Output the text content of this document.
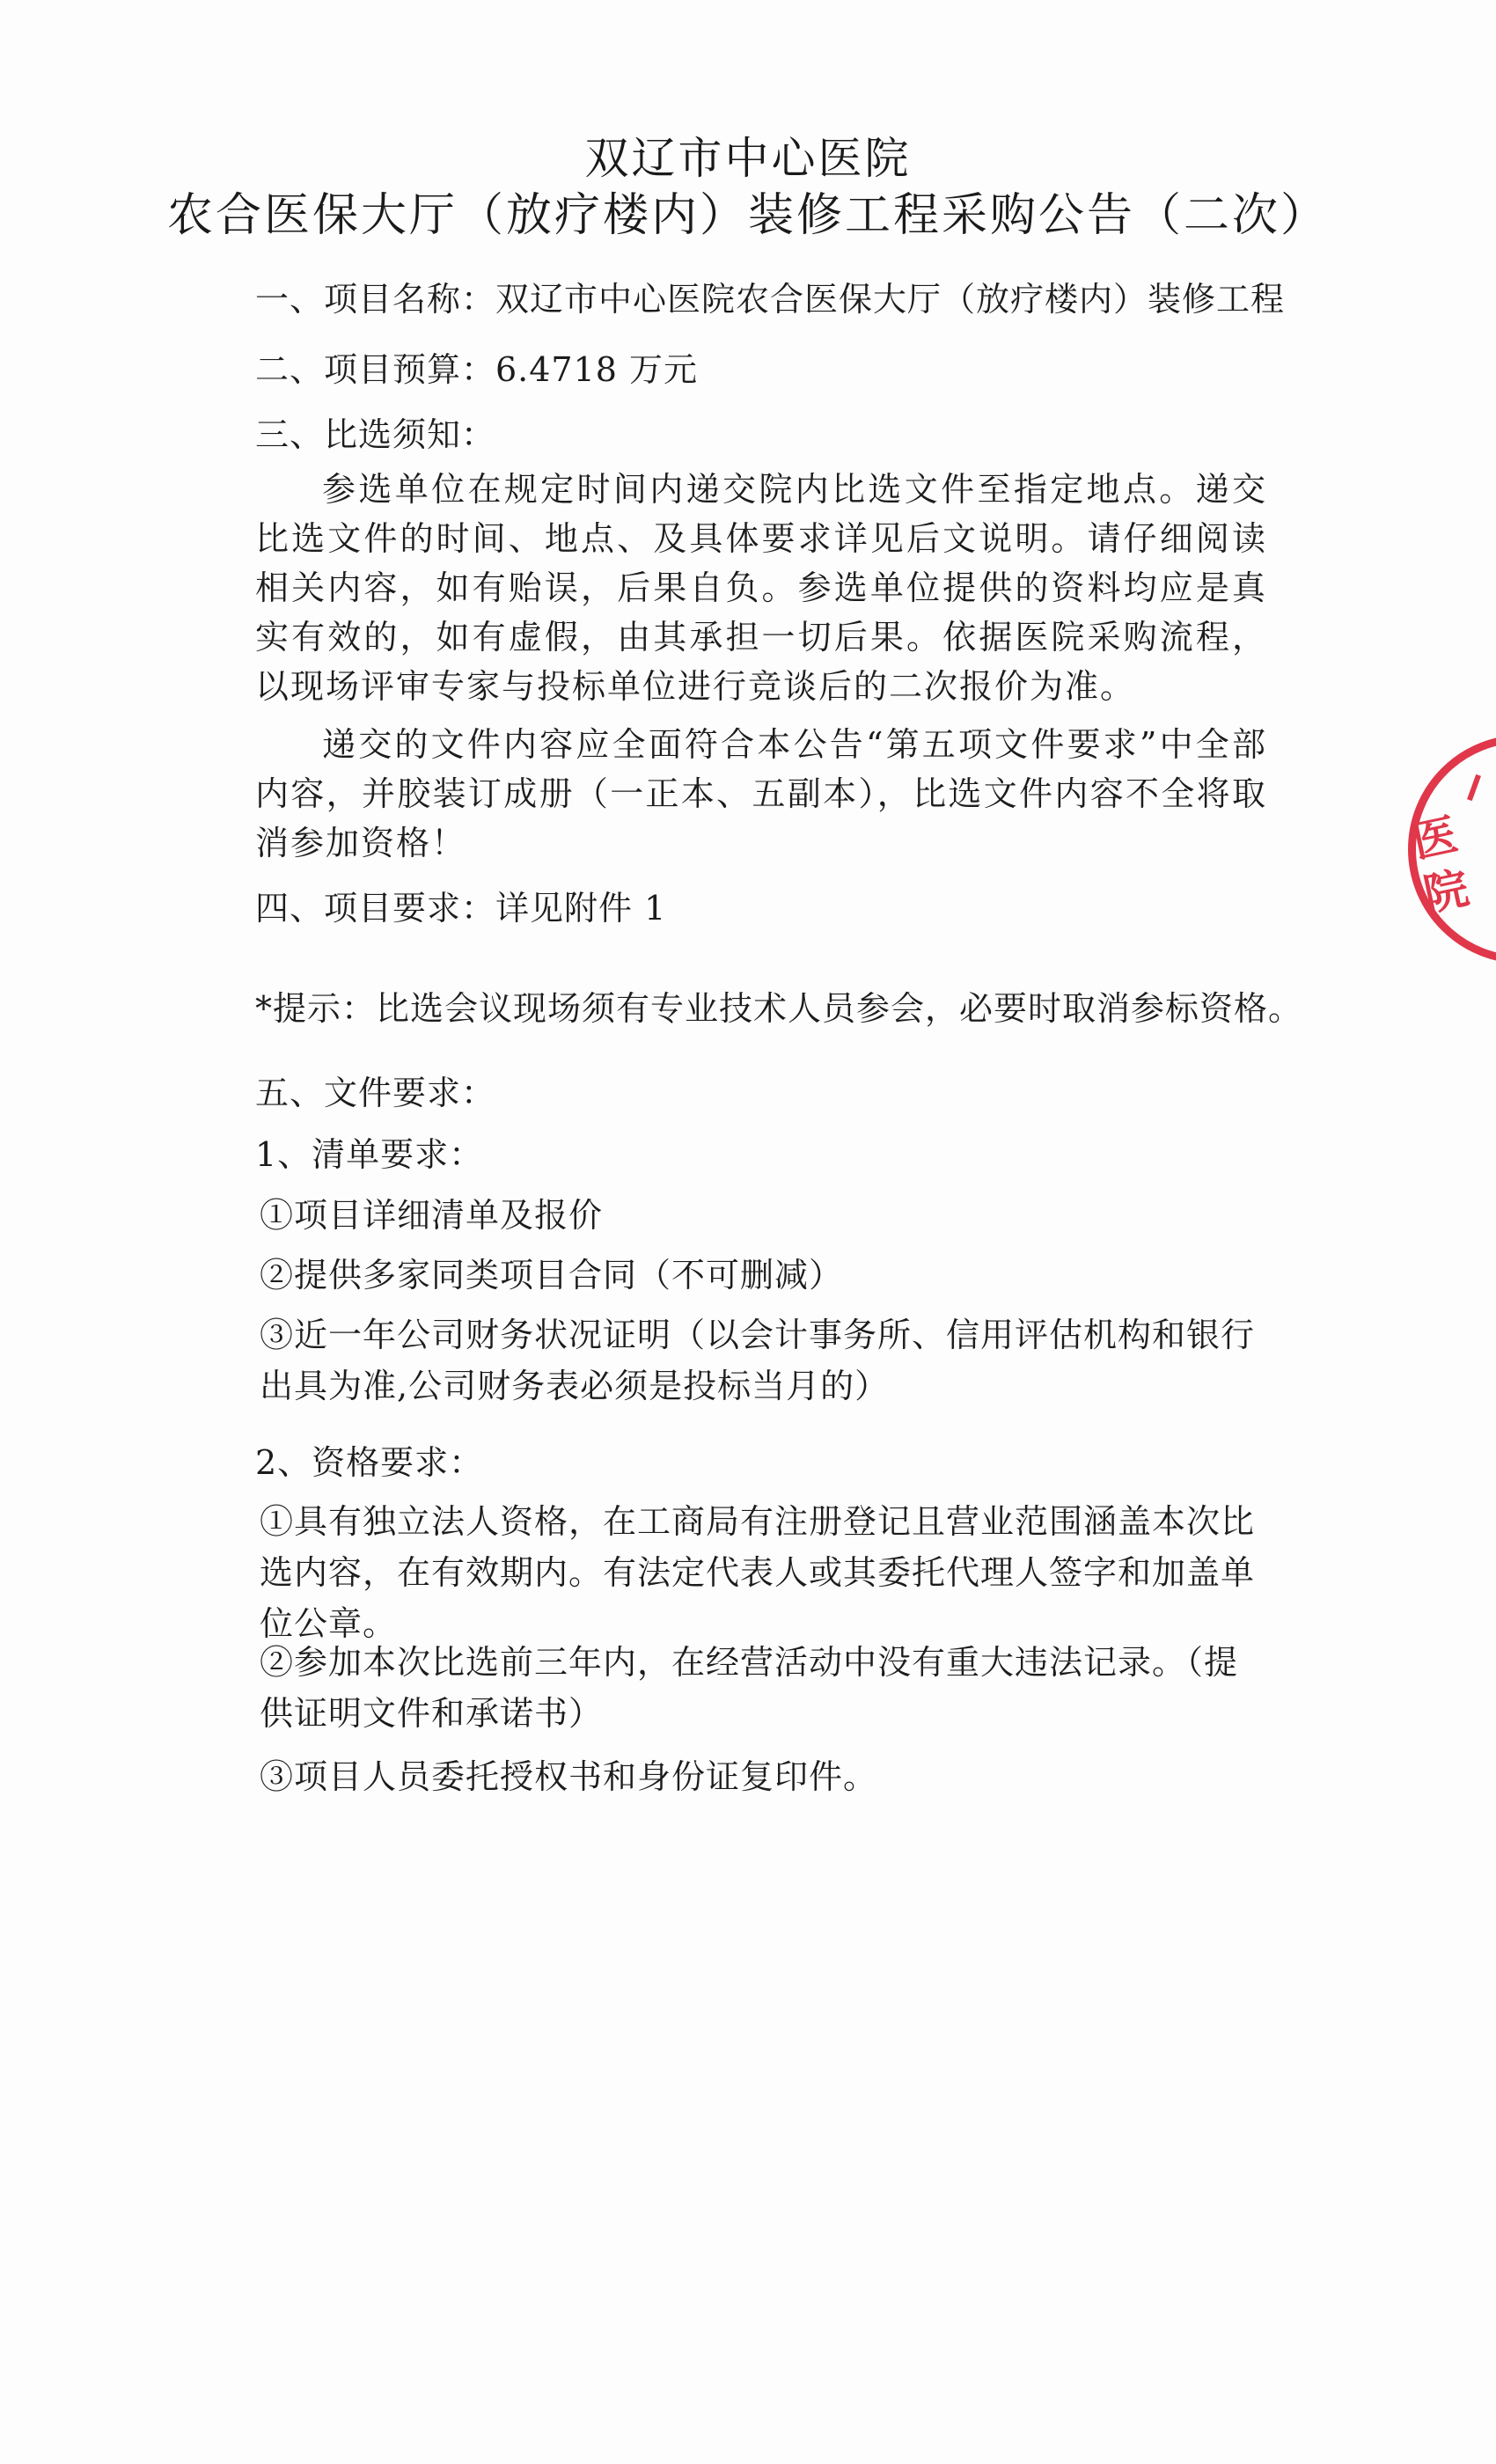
双辽市中心医院
农合医保大厅（放疗楼内）装修工程采购公告（二次）
一、项目名称：双辽市中心医院农合医保大厅（放疗楼内）装修工程
二、项目预算：6.4718 万元
三、比选须知：
参选单位在规定时间内递交院内比选文件至指定地点。递交比选文件的时间、地点、及具体要求详见后文说明。请仔细阅读相关内容，如有贻误，后果自负。参选单位提供的资料均应是真实有效的，如有虚假，由其承担一切后果。依据医院采购流程，以现场评审专家与投标单位进行竞谈后的二次报价为准。
递交的文件内容应全面符合本公告“第五项文件要求”中全部内容，并胶装订成册（一正本、五副本），比选文件内容不全将取消参加资格！
四、项目要求：详见附件 1
*提示：比选会议现场须有专业技术人员参会，必要时取消参标资格。
五、文件要求：
1、清单要求：
①项目详细清单及报价
②提供多家同类项目合同（不可删减）
③近一年公司财务状况证明（以会计事务所、信用评估机构和银行出具为准,公司财务表必须是投标当月的）
2、资格要求：
①具有独立法人资格，在工商局有注册登记且营业范围涵盖本次比选内容，在有效期内。有法定代表人或其委托代理人签字和加盖单位公章。
②参加本次比选前三年内，在经营活动中没有重大违法记录。（提供证明文件和承诺书）
③项目人员委托授权书和身份证复印件。
医院
